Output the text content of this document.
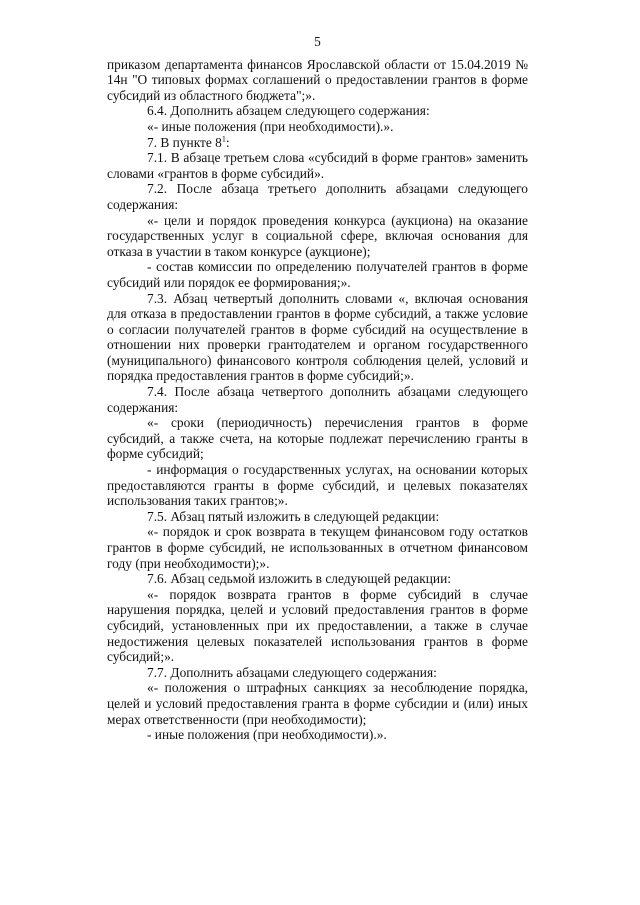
5

приказом департамента финансов Ярославской области от 15.04.2019 № 14н "О типовых формах соглашений о предоставлении грантов в форме субсидий из областного бюджета";».

6.4. Дополнить абзацем следующего содержания:

«- иные положения (при необходимости).».

7. В пункте $8^1$:

7.1. В абзаце третьем слова «субсидий в форме грантов» заменить словами «грантов в форме субсидий».

7.2. После абзаца третьего дополнить абзацами следующего содержания:

«- цели и порядок проведения конкурса (аукциона) на оказание государственных услуг в социальной сфере, включая основания для отказа в участии в таком конкурсе (аукционе);

- состав комиссии по определению получателей грантов в форме субсидий или порядок ее формирования;».

7.3. Абзац четвертый дополнить словами «, включая основания для отказа в предоставлении грантов в форме субсидий, а также условие о согласии получателей грантов в форме субсидий на осуществление в отношении них проверки грантодателем и органом государственного (муниципального) финансового контроля соблюдения целей, условий и порядка предоставления грантов в форме субсидий;».

7.4. После абзаца четвертого дополнить абзацами следующего содержания:

«- сроки (периодичность) перечисления грантов в форме субсидий, а также счета, на которые подлежат перечислению гранты в форме субсидий;

- информация о государственных услугах, на основании которых предоставляются гранты в форме субсидий, и целевых показателях использования таких грантов;».

7.5. Абзац пятый изложить в следующей редакции:

«- порядок и срок возврата в текущем финансовом году остатков грантов в форме субсидий, не использованных в отчетном финансовом году (при необходимости);».

7.6. Абзац седьмой изложить в следующей редакции:

«- порядок возврата грантов в форме субсидий в случае нарушения порядка, целей и условий предоставления грантов в форме субсидий, установленных при их предоставлении, а также в случае недостижения целевых показателей использования грантов в форме субсидий;».

7.7. Дополнить абзацами следующего содержания:

«- положения о штрафных санкциях за несоблюдение порядка, целей и условий предоставления гранта в форме субсидии и (или) иных мерах ответственности (при необходимости);

- иные положения (при необходимости).».
